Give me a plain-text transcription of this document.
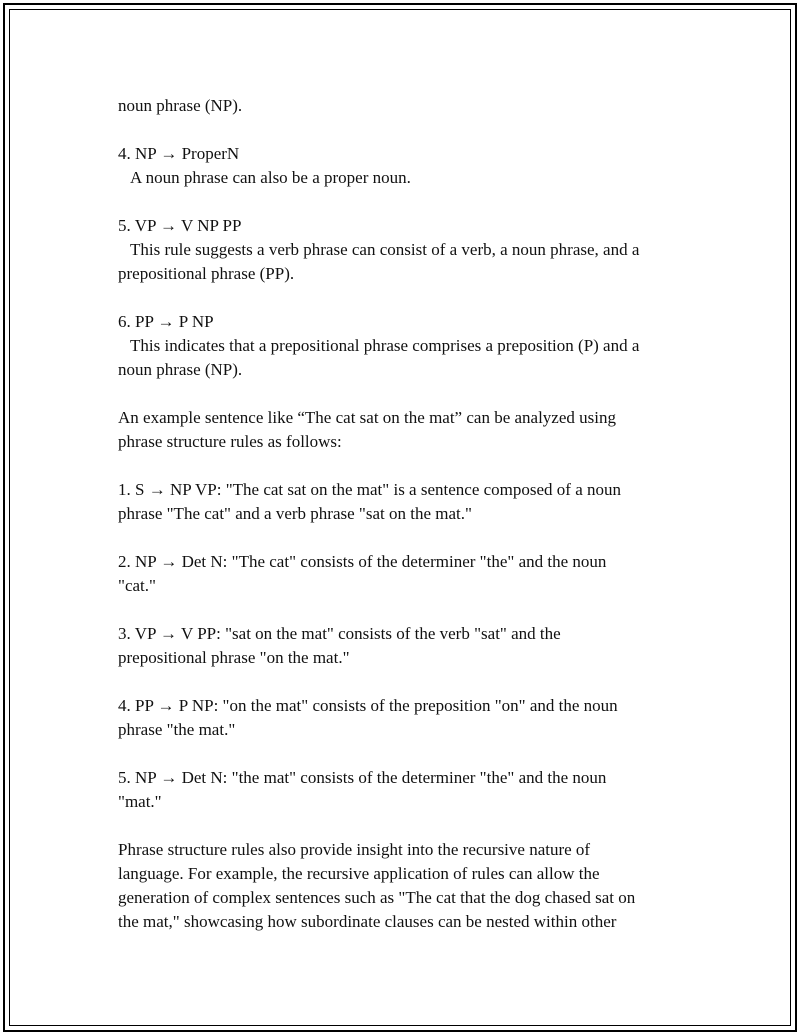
noun phrase (NP).

4. NP → ProperN
A noun phrase can also be a proper noun.

5. VP → V NP PP
This rule suggests a verb phrase can consist of a verb, a noun phrase, and a
prepositional phrase (PP).

6. PP → P NP
This indicates that a prepositional phrase comprises a preposition (P) and a
noun phrase (NP).

An example sentence like “The cat sat on the mat” can be analyzed using
phrase structure rules as follows:

1. S → NP VP: "The cat sat on the mat" is a sentence composed of a noun
phrase "The cat" and a verb phrase "sat on the mat."

2. NP → Det N: "The cat" consists of the determiner "the" and the noun
"cat."

3. VP → V PP: "sat on the mat" consists of the verb "sat" and the
prepositional phrase "on the mat."

4. PP → P NP: "on the mat" consists of the preposition "on" and the noun
phrase "the mat."

5. NP → Det N: "the mat" consists of the determiner "the" and the noun
"mat."

Phrase structure rules also provide insight into the recursive nature of
language. For example, the recursive application of rules can allow the
generation of complex sentences such as "The cat that the dog chased sat on
the mat," showcasing how subordinate clauses can be nested within other
